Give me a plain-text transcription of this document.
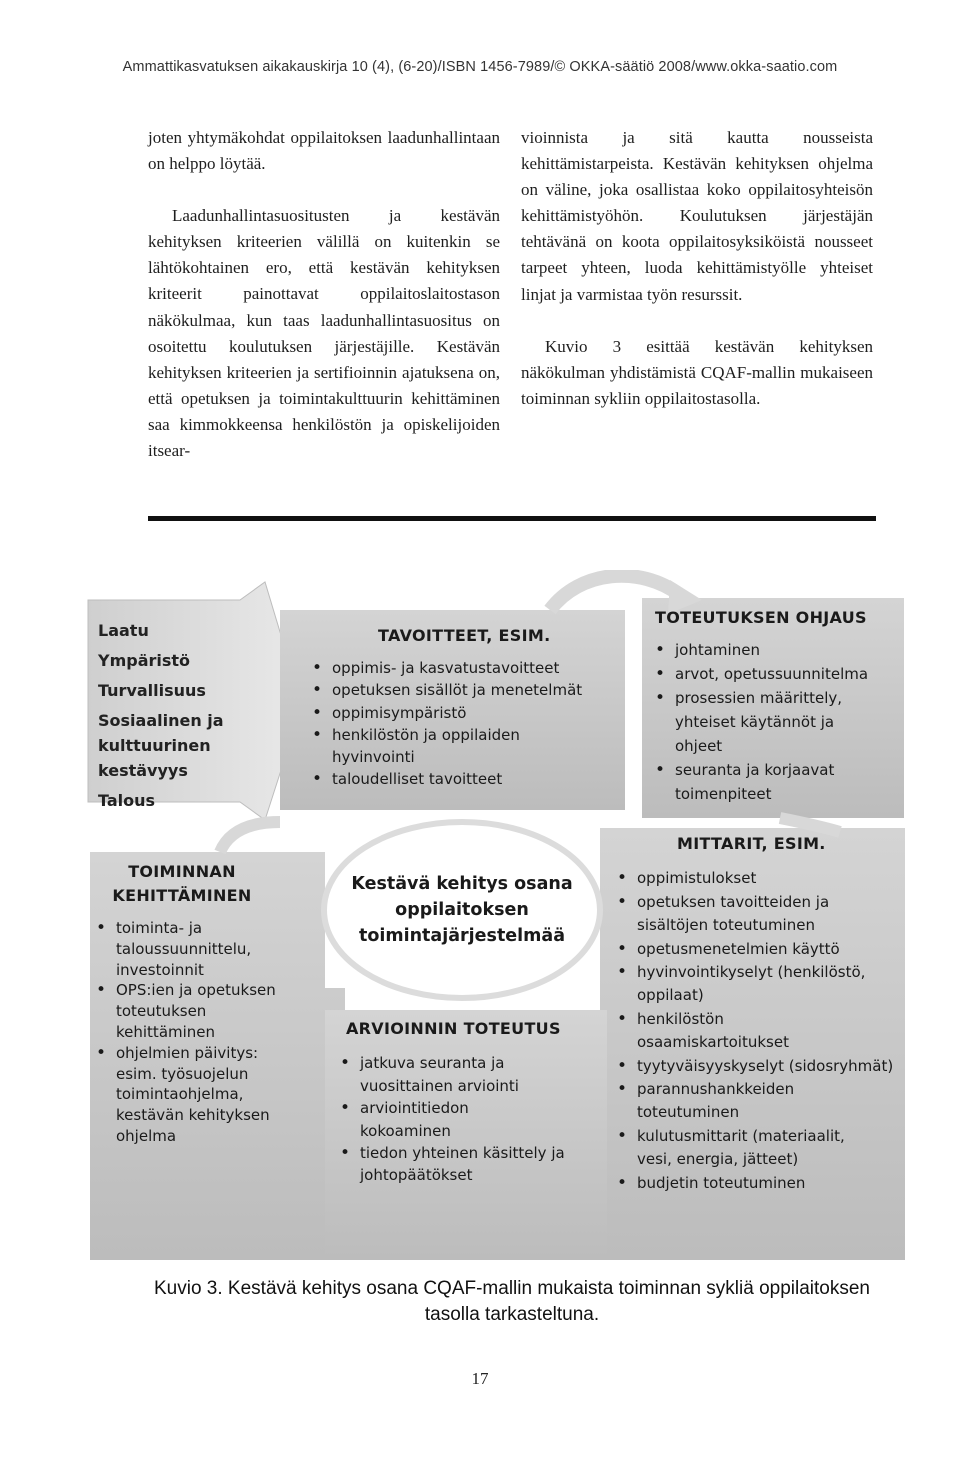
Ammattikasvatuksen aikakauskirja 10 (4), (6-20)/ISBN 1456-7989/© OKKA-säätiö 2008/www.okka-saatio.com

joten yhtymäkohdat oppilaitoksen laadunhallintaan on helppo löytää.

Laadunhallintasuositusten ja kestävän kehityksen kriteerien välillä on kuitenkin se lähtökohtainen ero, että kestävän kehityksen kriteerit painottavat oppilaitoslaitostason näkökulmaa, kun taas laadunhallintasuositus on osoitettu koulutuksen järjestäjille. Kestävän kehityksen kriteerien ja sertifioinnin ajatuksena on, että opetuksen ja toimintakulttuurin kehittäminen saa kimmokkeensa henkilöstön ja opiskelijoiden itsear-

vioinnista ja sitä kautta nousseista kehittämistarpeista. Kestävän kehityksen ohjelma on väline, joka osallistaa koko oppilaitosyhteisön kehittämistyöhön. Koulutuksen järjestäjän tehtävänä on koota oppilaitosyksiköistä nousseet tarpeet yhteen, luoda kehittämistyölle yhteiset linjat ja varmistaa työn resurssit.

Kuvio 3 esittää kestävän kehityksen näkökulman yhdistämistä CQAF-mallin mukaiseen toiminnan sykliin oppilaitostasolla.

Laatu
Ympäristö
Turvallisuus
Sosiaalinen ja kulttuurinen kestävyys
Talous
TAVOITTEET, ESIM.
• oppimis- ja kasvatustavoitteet
• opetuksen sisällöt ja menetelmät
• oppimisympäristö
• henkilöstön ja oppilaiden hyvinvointi
• taloudelliset tavoitteet
TOTEUTUKSEN OHJAUS
• johtaminen
• arvot, opetussuunnitelma
• prosessien määrittely, yhteiset käytännöt ja ohjeet
• seuranta ja korjaavat toimenpiteet
Kestävä kehitys osana oppilaitoksen toimintajärjestelmää
TOIMINNAN KEHITTÄMINEN
• toiminta- ja taloussuunnittelu, investoinnit
• OPS:ien ja opetuksen toteutuksen kehittäminen
• ohjelmien päivitys: esim. työsuojelun toimintaohjelma, kestävän kehityksen ohjelma
MITTARIT, ESIM.
• oppimistulokset
• opetuksen tavoitteiden ja sisältöjen toteutuminen
• opetusmenetelmien käyttö
• hyvinvointikyselyt (henkilöstö, oppilaat)
• henkilöstön osaamiskartoitukset
• tyytyväisyyskyselyt (sidosryhmät)
• parannushankkeiden toteutuminen
• kulutusmittarit (materiaalit, vesi, energia, jätteet)
• budjetin toteutuminen
ARVIOINNIN TOTEUTUS
• jatkuva seuranta ja vuosittainen arviointi
• arviointitiedon kokoaminen
• tiedon yhteinen käsittely ja johtopäätökset
Kuvio 3. Kestävä kehitys osana CQAF-mallin mukaista toiminnan sykliä oppilaitoksen tasolla tarkasteltuna.
17
